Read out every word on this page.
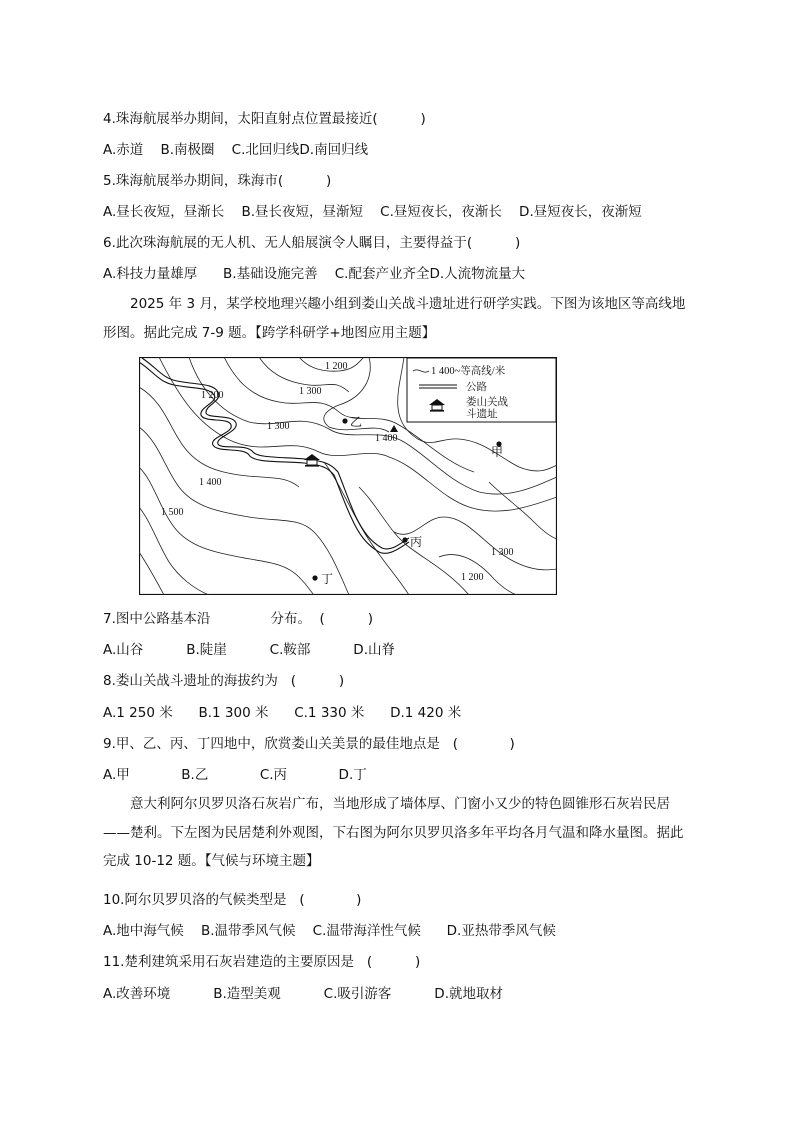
4.珠海航展举办期间，太阳直射点位置最接近(          )
A.赤道    B.南极圈    C.北回归线D.南回归线
5.珠海航展举办期间，珠海市(          )
A.昼长夜短，昼渐长    B.昼长夜短，昼渐短    C.昼短夜长，夜渐长    D.昼短夜长，夜渐短
6.此次珠海航展的无人机、无人船展演令人瞩目，主要得益于(          )
A.科技力量雄厚      B.基础设施完善    C.配套产业齐全D.人流物流量大
2025 年 3 月，某学校地理兴趣小组到娄山关战斗遗址进行研学实践。下图为该地区等高线地形图。据此完成 7-9 题。【跨学科研学+地图应用主题】
乙
甲
丙
丁
1 200
1 300
1 200
1 300
1 400
1 500
1 400
1 300
1 200
1 400~等高线/米
公路
娄山关战
斗遗址
7.图中公路基本沿              分布。  (          )
A.山谷          B.陡崖          C.鞍部          D.山脊
8.娄山关战斗遗址的海拔约为   (          )
A.1 250 米      B.1 300 米      C.1 330 米      D.1 420 米
9.甲、乙、丙、丁四地中，欣赏娄山关美景的最佳地点是   (            )
A.甲            B.乙            C.丙            D.丁
意大利阿尔贝罗贝洛石灰岩广布，当地形成了墙体厚、门窗小又少的特色圆锥形石灰岩民居——楚利。下左图为民居楚利外观图，下右图为阿尔贝罗贝洛多年平均各月气温和降水量图。据此完成 10-12 题。【气候与环境主题】
10.阿尔贝罗贝洛的气候类型是   (            )
A.地中海气候    B.温带季风气候    C.温带海洋性气候      D.亚热带季风气候
11.楚利建筑采用石灰岩建造的主要原因是   (          )
A.改善环境          B.造型美观          C.吸引游客          D.就地取材
